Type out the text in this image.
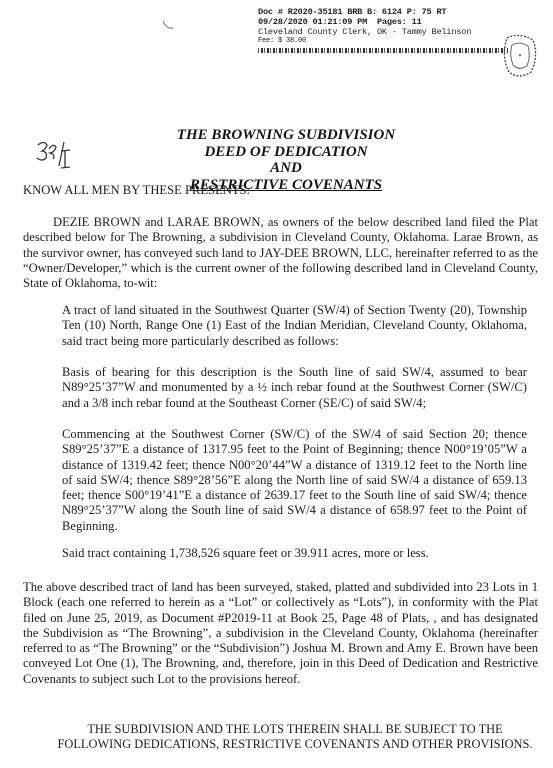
Doc # R2020-35181 BRB B: 6124 P: 75 RT
09/28/2020 01:21:09 PM Pages: 11
Cleveland County Clerk, OK - Tammy Belinson
Fee: $ 38.00
✦
THE BROWNING SUBDIVISION
DEED OF DEDICATION
AND
RESTRICTIVE COVENANTS
KNOW ALL MEN BY THESE PRESENTS:
DEZIE BROWN and LARAE BROWN, as owners of the below described land filed the Plat described below for The Browning, a subdivision in Cleveland County, Oklahoma. Larae Brown, as the survivor owner, has conveyed such land to JAY-DEE BROWN, LLC, hereinafter referred to as the “Owner/Developer,” which is the current owner of the following described land in Cleveland County, State of Oklahoma, to-wit:
A tract of land situated in the Southwest Quarter (SW/4) of Section Twenty (20), Township Ten (10) North, Range One (1) East of the Indian Meridian, Cleveland County, Oklahoma, said tract being more particularly described as follows:
Basis of bearing for this description is the South line of said SW/4, assumed to bear N89°25’37”W and monumented by a ½ inch rebar found at the Southwest Corner (SW/C) and a 3/8 inch rebar found at the Southeast Corner (SE/C) of said SW/4;
Commencing at the Southwest Corner (SW/C) of the SW/4 of said Section 20; thence S89°25’37”E a distance of 1317.95 feet to the Point of Beginning; thence N00°19’05”W a distance of 1319.42 feet; thence N00°20’44”W a distance of 1319.12 feet to the North line of said SW/4; thence S89°28’56”E along the North line of said SW/4 a distance of 659.13 feet; thence S00°19’41”E a distance of 2639.17 feet to the South line of said SW/4; thence N89°25’37”W along the South line of said SW/4 a distance of 658.97 feet to the Point of Beginning.
Said tract containing 1,738,526 square feet or 39.911 acres, more or less.
The above described tract of land has been surveyed, staked, platted and subdivided into 23 Lots in 1 Block (each one referred to herein as a “Lot” or collectively as “Lots”), in conformity with the Plat filed on June 25, 2019, as Document #P2019-11 at Book 25, Page 48 of Plats, , and has designated the Subdivision as “The Browning”, a subdivision in the Cleveland County, Oklahoma (hereinafter referred to as “The Browning” or the “Subdivision”) Joshua M. Brown and Amy E. Brown have been conveyed Lot One (1), The Browning, and, therefore, join in this Deed of Dedication and Restrictive Covenants to subject such Lot to the provisions hereof.
THE SUBDIVISION AND THE LOTS THEREIN SHALL BE SUBJECT TO THE FOLLOWING DEDICATIONS, RESTRICTIVE COVENANTS AND OTHER PROVISIONS.
